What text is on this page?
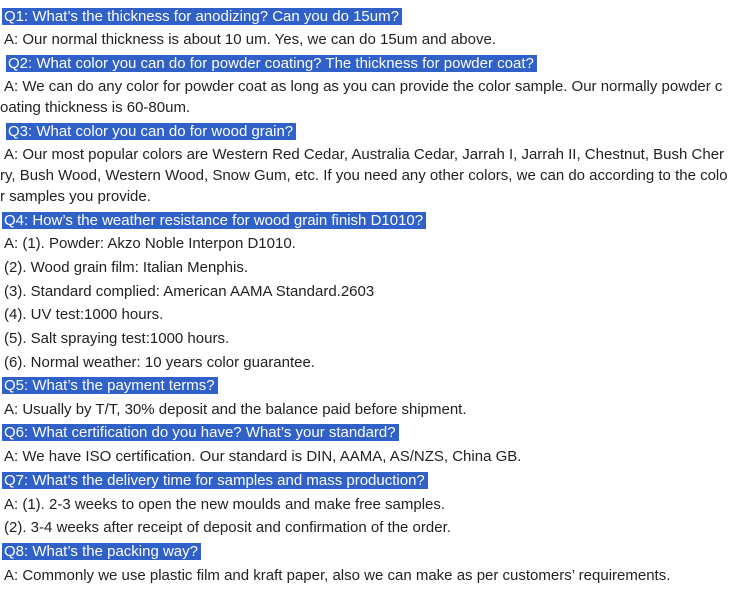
Q1: What’s the thickness for anodizing? Can you do 15um?
A: Our normal thickness is about 10 um. Yes, we can do 15um and above.
Q2: What color you can do for powder coating? The thickness for powder coat?
A: We can do any color for powder coat as long as you can provide the color sample. Our normally powder c
oating thickness is 60-80um.
Q3: What color you can do for wood grain?
A: Our most popular colors are Western Red Cedar, Australia Cedar, Jarrah I, Jarrah II, Chestnut, Bush Cher
ry, Bush Wood, Western Wood, Snow Gum, etc. If you need any other colors, we can do according to the colo
r samples you provide.
Q4: How’s the weather resistance for wood grain finish D1010?
A: (1). Powder: Akzo Noble Interpon D1010.
(2). Wood grain film: Italian Menphis.
(3). Standard complied: American AAMA Standard.2603
(4). UV test:1000 hours.
(5). Salt spraying test:1000 hours.
(6). Normal weather: 10 years color guarantee.
Q5: What’s the payment terms?
A: Usually by T/T, 30% deposit and the balance paid before shipment.
Q6: What certification do you have? What’s your standard?
A: We have ISO certification. Our standard is DIN, AAMA, AS/NZS, China GB.
Q7: What’s the delivery time for samples and mass production?
A: (1). 2-3 weeks to open the new moulds and make free samples.
(2). 3-4 weeks after receipt of deposit and confirmation of the order.
Q8: What’s the packing way?
A: Commonly we use plastic film and kraft paper, also we can make as per customers’ requirements.
